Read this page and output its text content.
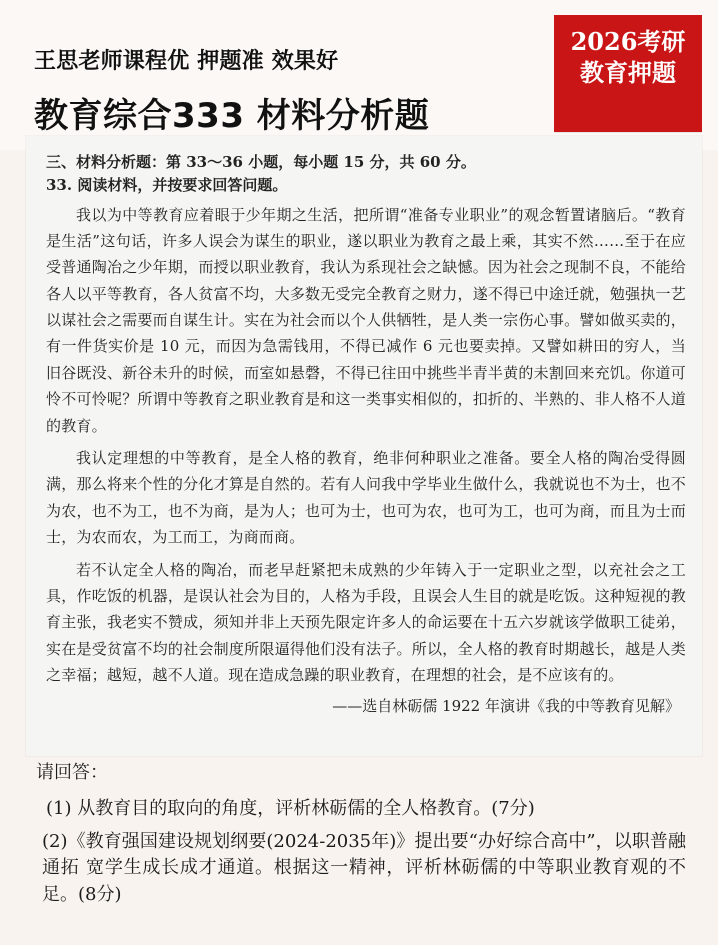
王思老师课程优 押题准 效果好
教育综合333 材料分析题
2026考研
教育押题

三、材料分析题：第 33～36 小题，每小题 15 分，共 60 分。

33. 阅读材料，并按要求回答问题。

我以为中等教育应着眼于少年期之生活，把所谓“准备专业职业”的观念暂置诸脑后。“教育是生活”这句话，许多人误会为谋生的职业，遂以职业为教育之最上乘，其实不然……至于在应受普通陶冶之少年期，而授以职业教育，我认为系现社会之缺憾。因为社会之现制不良，不能给各人以平等教育，各人贫富不均，大多数无受完全教育之财力，遂不得已中途迁就，勉强执一艺以谋社会之需要而自谋生计。实在为社会而以个人供牺牲，是人类一宗伤心事。譬如做买卖的，有一件货实价是 10 元，而因为急需钱用，不得已减作 6 元也要卖掉。又譬如耕田的穷人，当旧谷既没、新谷未升的时候，而室如悬磬，不得已往田中挑些半青半黄的未割回来充饥。你道可怜不可怜呢？所谓中等教育之职业教育是和这一类事实相似的，扣折的、半熟的、非人格不人道的教育。

我认定理想的中等教育，是全人格的教育，绝非何种职业之准备。要全人格的陶冶受得圆满，那么将来个性的分化才算是自然的。若有人问我中学毕业生做什么，我就说也不为士，也不为农，也不为工，也不为商，是为人；也可为士，也可为农，也可为工，也可为商，而且为士而士，为农而农，为工而工，为商而商。

若不认定全人格的陶冶，而老早赶紧把未成熟的少年铸入于一定职业之型，以充社会之工具，作吃饭的机器，是误认社会为目的，人格为手段，且误会人生目的就是吃饭。这种短视的教育主张，我老实不赞成，须知并非上天预先限定许多人的命运要在十五六岁就该学做职工徒弟，实在是受贫富不均的社会制度所限逼得他们没有法子。所以，全人格的教育时期越长，越是人类之幸福；越短，越不人道。现在造成急躁的职业教育，在理想的社会，是不应该有的。

——选自林砺儒 1922 年演讲《我的中等教育见解》

请回答：

(1) 从教育目的取向的角度，评析林砺儒的全人格教育。(7分)

(2)《教育强国建设规划纲要(2024-2035年)》提出要“办好综合高中”，以职普融通拓 宽学生成长成才通道。根据这一精神，评析林砺儒的中等职业教育观的不足。(8分)
